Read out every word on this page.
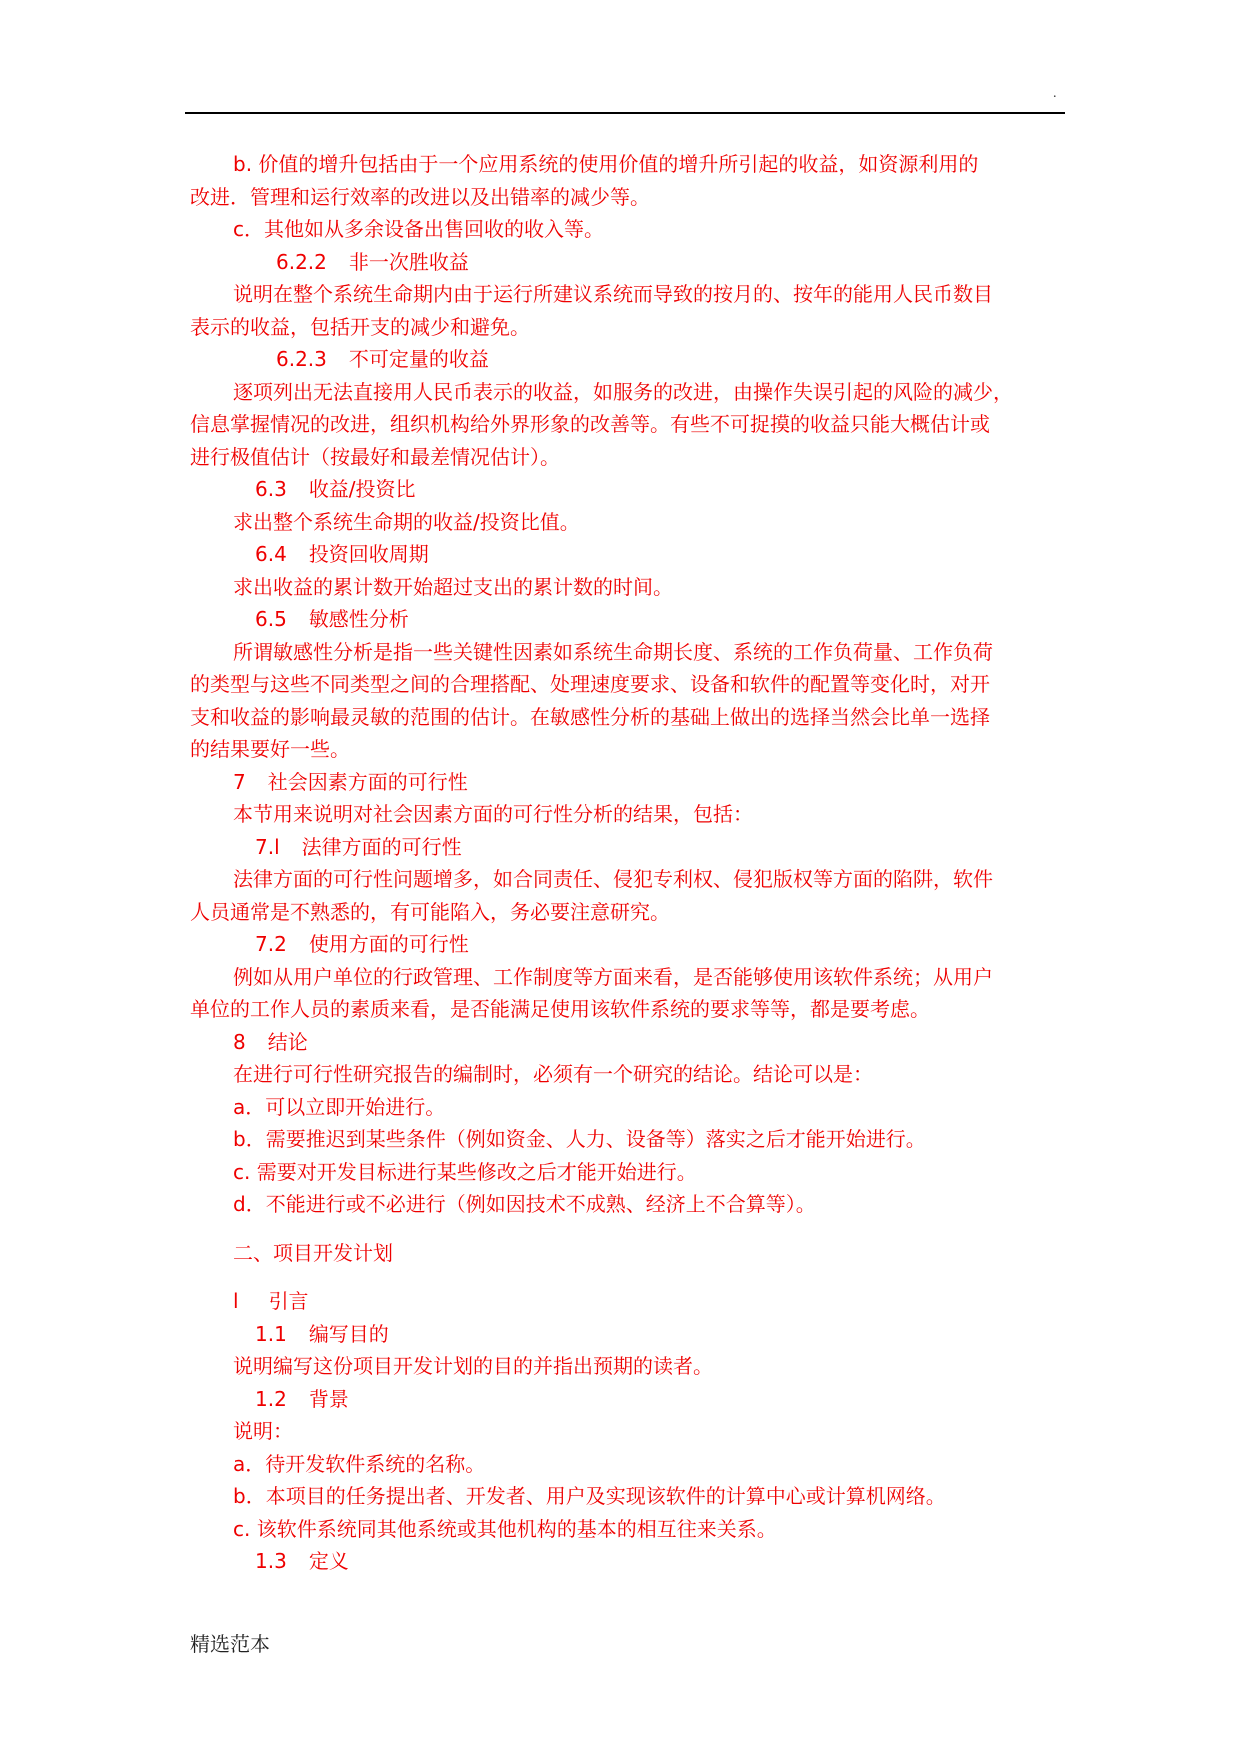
.
b. 价值的增升包括由于一个应用系统的使用价值的增升所引起的收益，如资源利用的
改进．管理和运行效率的改进以及出错率的减少等。
c．其他如从多余设备出售回收的收入等。
6.2.2 非一次胜收益
说明在整个系统生命期内由于运行所建议系统而导致的按月的、按年的能用人民币数目
表示的收益，包括开支的减少和避免。
6.2.3 不可定量的收益
逐项列出无法直接用人民币表示的收益，如服务的改进，由操作失误引起的风险的减少，
信息掌握情况的改进，组织机构给外界形象的改善等。有些不可捉摸的收益只能大概估计或
进行极值估计（按最好和最差情况估计）。
6.3 收益/投资比
求出整个系统生命期的收益/投资比值。
6.4 投资回收周期
求出收益的累计数开始超过支出的累计数的时间。
6.5 敏感性分析
所谓敏感性分析是指一些关键性因素如系统生命期长度、系统的工作负荷量、工作负荷
的类型与这些不同类型之间的合理搭配、处理速度要求、设备和软件的配置等变化时，对开
支和收益的影响最灵敏的范围的估计。在敏感性分析的基础上做出的选择当然会比单一选择
的结果要好一些。
7 社会因素方面的可行性
本节用来说明对社会因素方面的可行性分析的结果，包括：
7.l 法律方面的可行性
法律方面的可行性问题增多，如合同责任、侵犯专利权、侵犯版权等方面的陷阱，软件
人员通常是不熟悉的，有可能陷入，务必要注意研究。
7.2 使用方面的可行性
例如从用户单位的行政管理、工作制度等方面来看，是否能够使用该软件系统；从用户
单位的工作人员的素质来看，是否能满足使用该软件系统的要求等等，都是要考虑。
8 结论
在进行可行性研究报告的编制时，必须有一个研究的结论。结论可以是：
a．可以立即开始进行。
b．需要推迟到某些条件（例如资金、人力、设备等）落实之后才能开始进行。
c. 需要对开发目标进行某些修改之后才能开始进行。
d．不能进行或不必进行（例如因技术不成熟、经济上不合算等）。
二、项目开发计划
l 引言
1.1 编写目的
说明编写这份项目开发计划的目的并指出预期的读者。
1.2 背景
说明：
a．待开发软件系统的名称。
b．本项目的任务提出者、开发者、用户及实现该软件的计算中心或计算机网络。
c. 该软件系统同其他系统或其他机构的基本的相互往来关系。
1.3 定义
精选范本
